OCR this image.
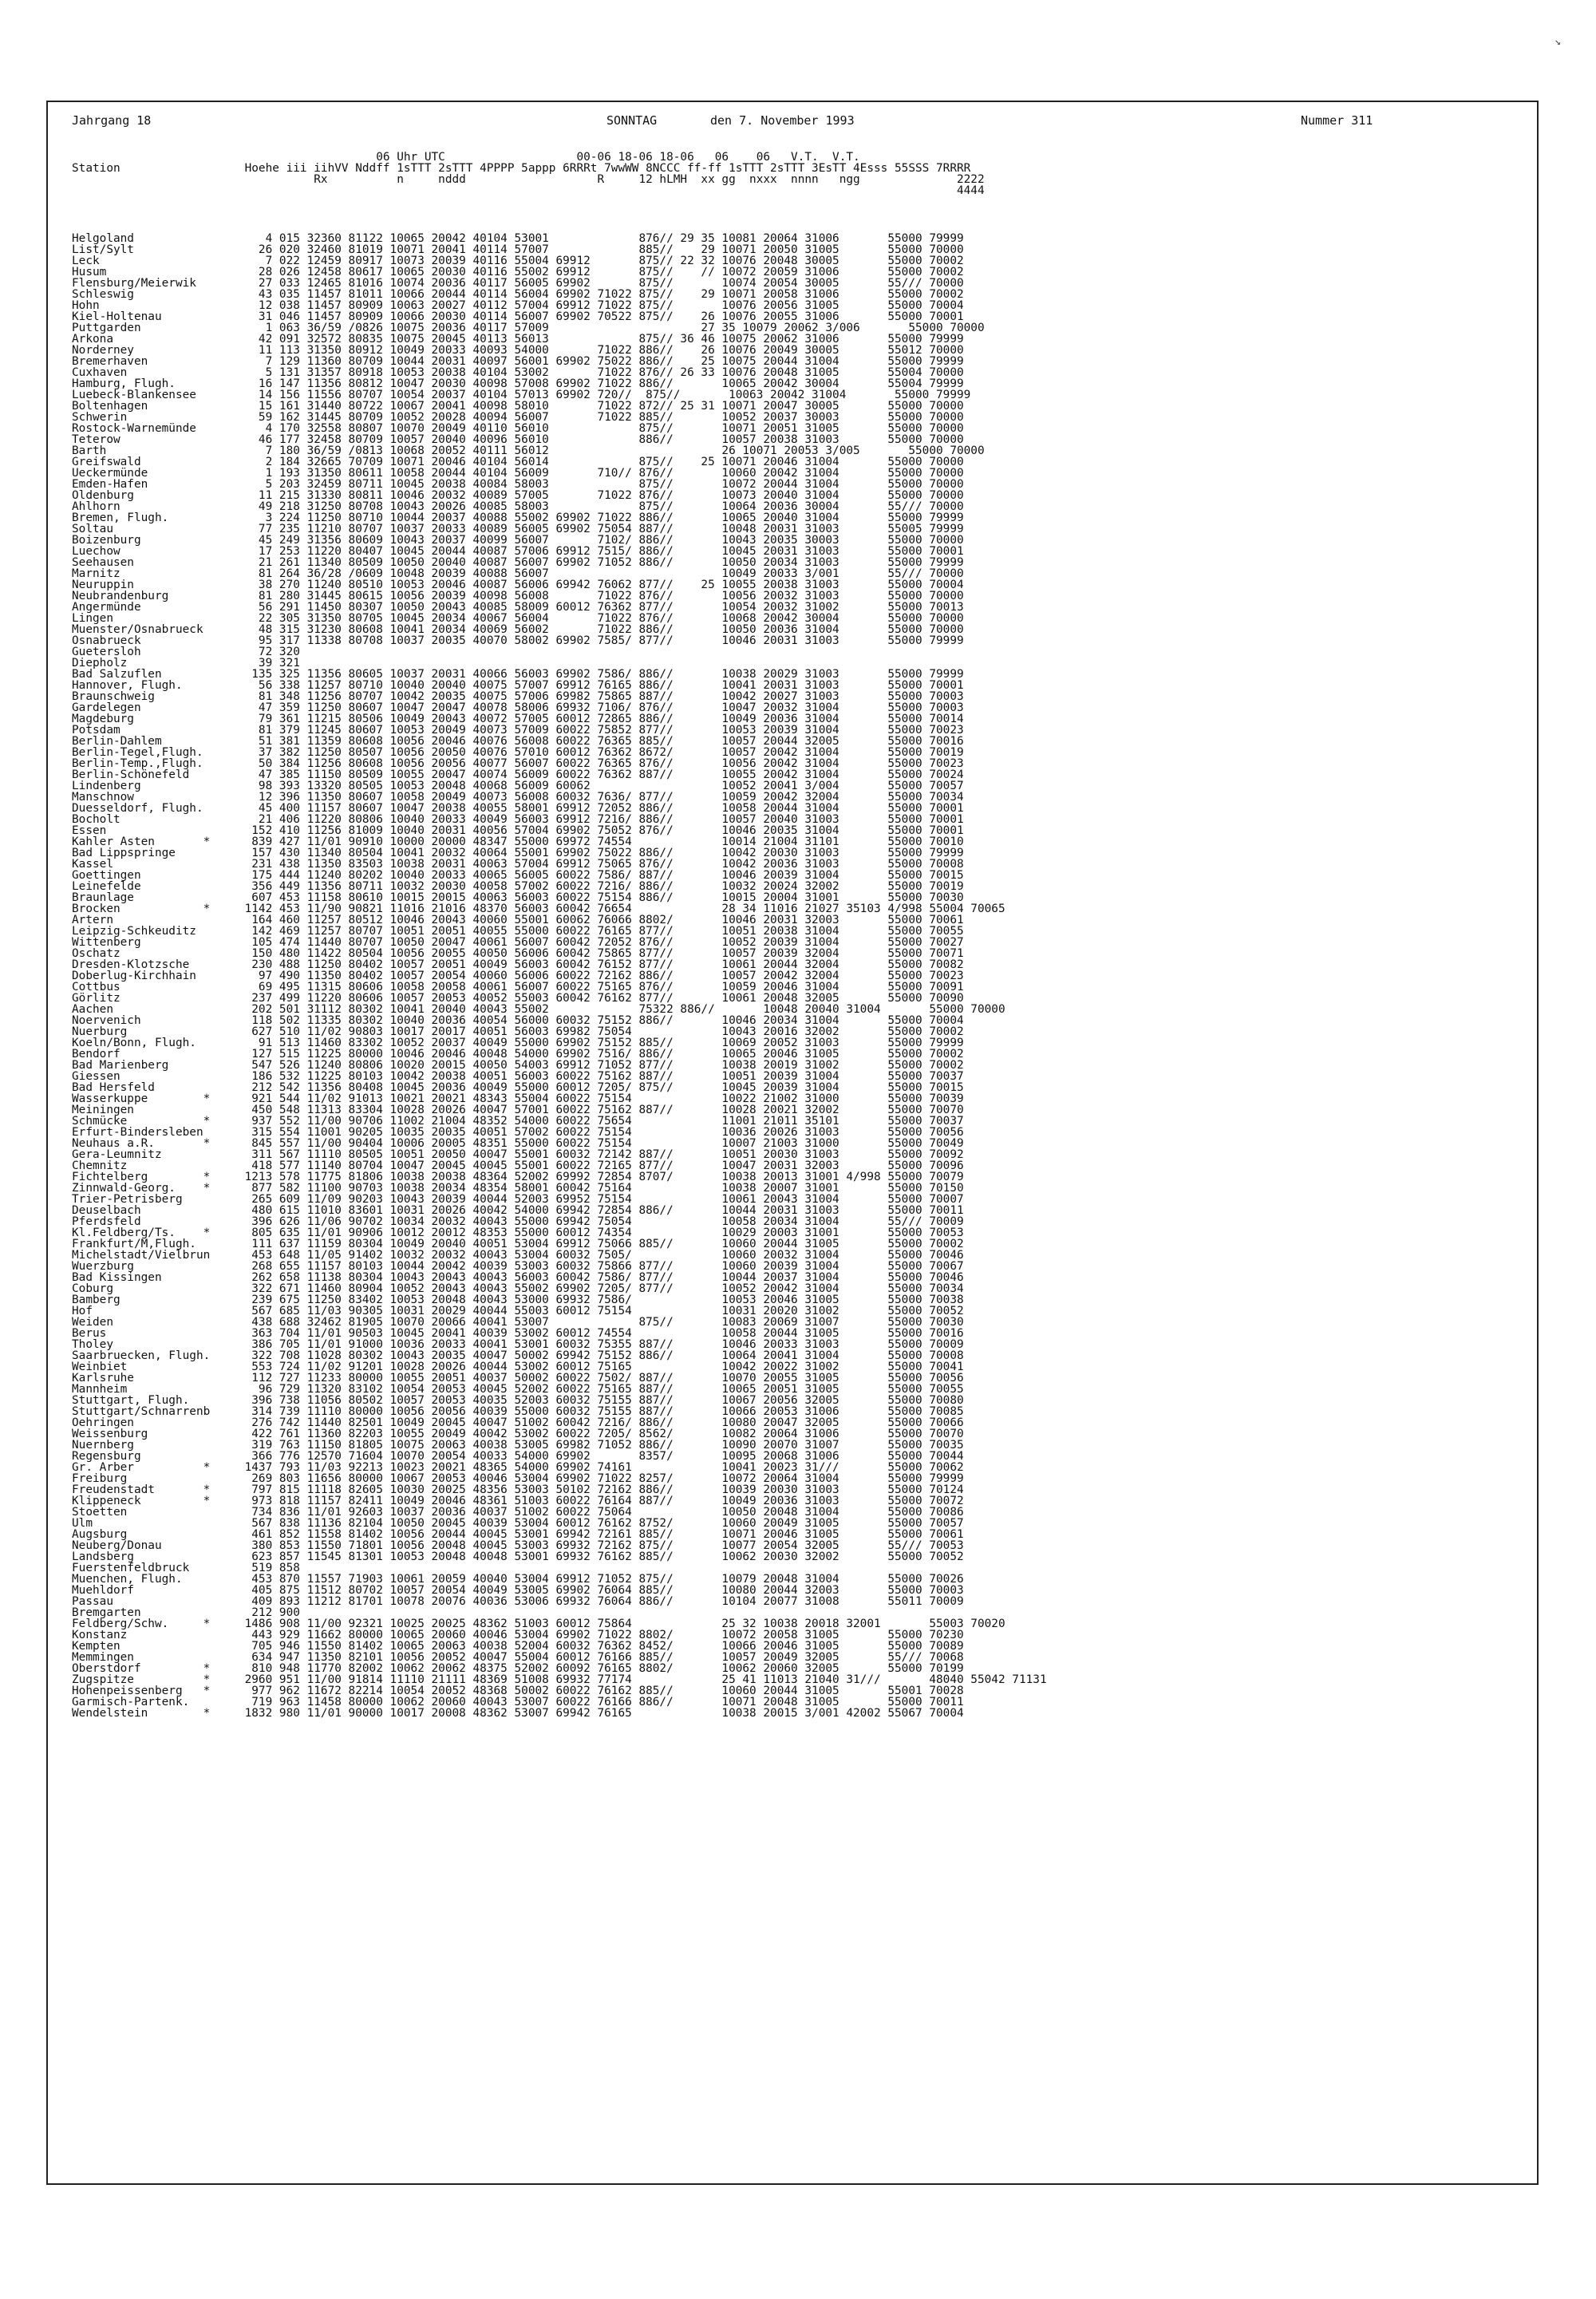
↘
Jahrgang 18	SONNTAG	den 7. November 1993	Nummer 311
06 Uhr UTC                   00-06 18-06 18-06   06    06   V.T.  V.T.
Station                  Hoehe iii iihVV Nddff 1sTTT 2sTTT 4PPPP 5appp 6RRRt 7wwWW 8NCCC ff-ff 1sTTT 2sTTT 3EsTT 4Esss 55SSS 7RRRR
Rx          n     nddd                   R     12 hLMH  xx gg  nxxx  nnnn   ngg              2222
4444
Helgoland                   4 015 32360 81122 10065 20042 40104 53001             876// 29 35 10081 20064 31006       55000 79999
List/Sylt                  26 020 32460 81019 10071 20041 40114 57007             885//    29 10071 20050 31005       55000 70000
Leck                        7 022 12459 80917 10073 20039 40116 55004 69912       875// 22 32 10076 20048 30005       55000 70002
Husum                      28 026 12458 80617 10065 20030 40116 55002 69912       875//    // 10072 20059 31006       55000 70002
Flensburg/Meierwik         27 033 12465 81016 10074 20036 40117 56005 69902       875//       10074 20054 30005       55/// 70000
Schleswig                  43 035 11457 81011 10066 20044 40114 56004 69902 71022 875//    29 10071 20058 31006       55000 70002
Hohn                       12 038 11457 80909 10063 20027 40112 57004 69912 71022 875//       10076 20056 31005       55000 70004
Kiel-Holtenau              31 046 11457 80909 10066 20030 40114 56007 69902 70522 875//    26 10076 20055 31006       55000 70001
Puttgarden                  1 063 36/59 /0826 10075 20036 40117 57009                      27 35 10079 20062 3/006       55000 70000
Arkona                     42 091 32572 80835 10075 20045 40113 56013             875// 36 46 10075 20062 31006       55000 79999
Norderney                  11 113 31350 80912 10049 20033 40093 54000       71022 886//    26 10076 20049 30005       55012 70000
Bremerhaven                 7 129 11360 80709 10044 20031 40097 56001 69902 75022 886//    25 10075 20044 31004       55000 79999
Cuxhaven                    5 131 31357 80918 10053 20038 40104 53002       71022 876// 26 33 10076 20048 31005       55004 70000
Hamburg, Flugh.            16 147 11356 80812 10047 20030 40098 57008 69902 71022 886//       10065 20042 30004       55004 79999
Luebeck-Blankensee         14 156 11556 80707 10054 20037 40104 57013 69902 720//  875//       10063 20042 31004       55000 79999
Boltenhagen                15 161 31440 80722 10067 20041 40098 58010       71022 872// 25 31 10071 20047 30005       55000 70000
Schwerin                   59 162 31445 80709 10052 20028 40094 56007       71022 885//       10052 20037 30003       55000 70000
Rostock-Warnemünde          4 170 32558 80807 10070 20049 40110 56010             875//       10071 20051 31005       55000 70000
Teterow                    46 177 32458 80709 10057 20040 40096 56010             886//       10057 20038 31003       55000 70000
Barth                       7 180 36/59 /0813 10068 20052 40111 56012                         26 10071 20053 3/005       55000 70000
Greifswald                  2 184 32665 70709 10071 20046 40104 56014             875//    25 10071 20046 31004       55000 70000
Ueckermünde                 1 193 31350 80611 10058 20044 40104 56009       710// 876//       10060 20042 31004       55000 70000
Emden-Hafen                 5 203 32459 80711 10045 20038 40084 58003             875//       10072 20044 31004       55000 70000
Oldenburg                  11 215 31330 80811 10046 20032 40089 57005       71022 876//       10073 20040 31004       55000 70000
Ahlhorn                    49 218 31250 80708 10043 20026 40085 58003             875//       10064 20036 30004       55/// 70000
Bremen, Flugh.              3 224 11250 80710 10044 20037 40088 55002 69902 71022 886//       10065 20040 31004       55000 79999
Soltau                     77 235 11210 80707 10037 20033 40089 56005 69902 75054 887//       10048 20031 31003       55005 79999
Boizenburg                 45 249 31356 80609 10043 20037 40099 56007       7102/ 886//       10043 20035 30003       55000 70000
Luechow                    17 253 11220 80407 10045 20044 40087 57006 69912 7515/ 886//       10045 20031 31003       55000 70001
Seehausen                  21 261 11340 80509 10050 20040 40087 56007 69902 71052 886//       10050 20034 31003       55000 79999
Marnitz                    81 264 36/28 /0609 10048 20039 40088 56007                         10049 20033 3/001       55/// 70000
Neuruppin                  38 270 11240 80510 10053 20046 40087 56006 69942 76062 877//    25 10055 20038 31003       55000 70004
Neubrandenburg             81 280 31445 80615 10056 20039 40098 56008       71022 876//       10056 20032 31003       55000 70000
Angermünde                 56 291 11450 80307 10050 20043 40085 58009 60012 76362 877//       10054 20032 31002       55000 70013
Lingen                     22 305 31350 80705 10045 20034 40067 56004       71022 876//       10068 20042 30004       55000 70000
Muenster/Osnabrueck        48 315 31230 80608 10041 20034 40069 56002       71022 886//       10050 20036 31004       55000 70000
Osnabrueck                 95 317 11338 80708 10037 20035 40070 58002 69902 7585/ 877//       10046 20031 31003       55000 79999
Guetersloh                 72 320
Diepholz                   39 321
Bad Salzuflen             135 325 11356 80605 10037 20031 40066 56003 69902 7586/ 886//       10038 20029 31003       55000 79999
Hannover, Flugh.           56 338 11257 80710 10040 20040 40075 57007 69912 76165 886//       10041 20031 31003       55000 70001
Braunschweig               81 348 11256 80707 10042 20035 40075 57006 69982 75865 887//       10042 20027 31003       55000 70003
Gardelegen                 47 359 11250 80607 10047 20047 40078 58006 69932 7106/ 876//       10047 20032 31004       55000 70003
Magdeburg                  79 361 11215 80506 10049 20043 40072 57005 60012 72865 886//       10049 20036 31004       55000 70014
Potsdam                    81 379 11245 80607 10053 20049 40073 57009 60022 75852 877//       10053 20039 31004       55000 70023
Berlin-Dahlem              51 381 11359 80608 10056 20046 40076 56008 60022 76365 885//       10057 20044 32005       55000 70016
Berlin-Tegel,Flugh.        37 382 11250 80507 10056 20050 40076 57010 60012 76362 8672/       10057 20042 31004       55000 70019
Berlin-Temp.,Flugh.        50 384 11256 80608 10056 20056 40077 56007 60022 76365 876//       10056 20042 31004       55000 70023
Berlin-Schönefeld          47 385 11150 80509 10055 20047 40074 56009 60022 76362 887//       10055 20042 31004       55000 70024
Lindenberg                 98 393 13320 80505 10053 20048 40068 56009 60062                   10052 20041 3/004       55000 70057
Manschnow                  12 396 11350 80607 10058 20049 40073 56008 60032 7636/ 877//       10059 20042 32004       55000 70034
Duesseldorf, Flugh.        45 400 11157 80607 10047 20038 40055 58001 69912 72052 886//       10058 20044 31004       55000 70001
Bocholt                    21 406 11220 80806 10040 20033 40049 56003 69912 7216/ 886//       10057 20040 31003       55000 70001
Essen                     152 410 11256 81009 10040 20031 40056 57004 69902 75052 876//       10046 20035 31004       55000 70001
Kahler Asten       *      839 427 11/01 90910 10000 20000 48347 55000 69972 74554             10014 21004 31101       55000 70010
Bad Lippspringe           157 430 11340 80504 10041 20032 40064 55001 69902 75022 886//       10042 20030 31003       55000 79999
Kassel                    231 438 11350 83503 10038 20031 40063 57004 69912 75065 876//       10042 20036 31003       55000 70008
Goettingen                175 444 11240 80202 10040 20033 40065 56005 60022 7586/ 887//       10046 20039 31004       55000 70015
Leinefelde                356 449 11356 80711 10032 20030 40058 57002 60022 7216/ 886//       10032 20024 32002       55000 70019
Braunlage                 607 453 11158 80610 10015 20015 40063 56003 60022 75154 886//       10015 20004 31001       55000 70030
Brocken            *     1142 453 11/90 90821 11016 21016 48370 56003 60042 76654             28 34 11016 21027 35103 4/998 55004 70065
Artern                    164 460 11257 80512 10046 20043 40060 55001 60062 76066 8802/       10046 20031 32003       55000 70061
Leipzig-Schkeuditz        142 469 11257 80707 10051 20051 40055 55000 60022 76165 877//       10051 20038 31004       55000 70055
Wittenberg                105 474 11440 80707 10050 20047 40061 56007 60042 72052 876//       10052 20039 31004       55000 70027
Oschatz                   150 480 11422 80504 10056 20055 40050 56006 60042 75865 877//       10057 20039 32004       55000 70071
Dresden-Klotzsche         230 488 11250 80402 10057 20051 40049 56003 60042 76152 877//       10061 20044 32004       55000 70082
Doberlug-Kirchhain         97 490 11350 80402 10057 20054 40060 56006 60022 72162 886//       10057 20042 32004       55000 70023
Cottbus                    69 495 11315 80606 10058 20058 40061 56007 60022 75165 876//       10059 20046 31004       55000 70091
Görlitz                   237 499 11220 80606 10057 20053 40052 55003 60042 76162 877//       10061 20048 32005       55000 70090
Aachen                    202 501 31112 80302 10041 20040 40043 55002             75322 886//       10048 20040 31004       55000 70000
Noervenich                118 502 11335 80302 10040 20036 40054 56000 60032 75152 886//       10046 20034 31004       55000 70004
Nuerburg                  627 510 11/02 90803 10017 20017 40051 56003 69982 75054             10043 20016 32002       55000 70002
Koeln/Bonn, Flugh.         91 513 11460 83302 10052 20037 40049 55000 69902 75152 885//       10069 20052 31003       55000 79999
Bendorf                   127 515 11225 80000 10046 20046 40048 54000 69902 7516/ 886//       10065 20046 31005       55000 70002
Bad Marienberg            547 526 11240 80806 10020 20015 40050 54003 69912 71052 877//       10038 20019 31002       55000 70002
Giessen                   186 532 11225 80103 10042 20038 40051 56003 60022 75162 887//       10051 20039 31004       55000 70037
Bad Hersfeld              212 542 11356 80408 10045 20036 40049 55000 60012 7205/ 875//       10045 20039 31004       55000 70015
Wasserkuppe        *      921 544 11/02 91013 10021 20021 48343 55004 60022 75154             10022 21002 31000       55000 70039
Meiningen                 450 548 11313 83304 10028 20026 40047 57001 60022 75162 887//       10028 20021 32002       55000 70070
Schmücke           *      937 552 11/00 90706 11002 21004 48352 54000 60022 75654             11001 21011 35101       55000 70037
Erfurt-Bindersleben       315 554 11001 90205 10035 20035 40051 57002 60022 75154             10036 20026 31003       55000 70056
Neuhaus a.R.       *      845 557 11/00 90404 10006 20005 48351 55000 60022 75154             10007 21003 31000       55000 70049
Gera-Leumnitz             311 567 11110 80505 10051 20050 40047 55001 60032 72142 887//       10051 20030 31003       55000 70092
Chemnitz                  418 577 11140 80704 10047 20045 40045 55001 60022 72165 877//       10047 20031 32003       55000 70096
Fichtelberg        *     1213 578 11775 81806 10038 20038 48364 52002 69992 72854 8707/       10038 20013 31001 4/998 55000 70079
Zinnwald-Georg.    *      877 582 11100 90703 10038 20034 48354 58001 60042 75164             10038 20007 31001       55000 70150
Trier-Petrisberg          265 609 11/09 90203 10043 20039 40044 52003 69952 75154             10061 20043 31004       55000 70007
Deuselbach                480 615 11010 83601 10031 20026 40042 54000 69942 72854 886//       10044 20031 31003       55000 70011
Pferdsfeld                396 626 11/06 90702 10034 20032 40043 55000 69942 75054             10058 20034 31004       55/// 70009
Kl.Feldberg/Ts.    *      805 635 11/01 90906 10012 20012 48353 55000 60012 74354             10029 20003 31001       55000 70053
Frankfurt/M,Flugh.        111 637 11159 80304 10049 20040 40051 53004 69912 75066 885//       10060 20044 31005       55000 70002
Michelstadt/Vielbrun      453 648 11/05 91402 10032 20032 40043 53004 60032 7505/             10060 20032 31004       55000 70046
Wuerzburg                 268 655 11157 80103 10044 20042 40039 53003 60032 75866 877//       10060 20039 31004       55000 70067
Bad Kissingen             262 658 11138 80304 10043 20043 40043 56003 60042 7586/ 877//       10044 20037 31004       55000 70046
Coburg                    322 671 11460 80904 10052 20043 40043 55002 69902 7205/ 877//       10052 20042 31004       55000 70034
Bamberg                   239 675 11250 83402 10053 20048 40043 53000 69932 7586/             10053 20046 31005       55000 70038
Hof                       567 685 11/03 90305 10031 20029 40044 55003 60012 75154             10031 20020 31002       55000 70052
Weiden                    438 688 32462 81905 10070 20066 40041 53007             875//       10083 20069 31007       55000 70030
Berus                     363 704 11/01 90503 10045 20041 40039 53002 60012 74554             10058 20044 31005       55000 70016
Tholey                    386 705 11/01 91000 10036 20033 40041 53001 60032 75355 887//       10046 20033 31003       55000 70009
Saarbruecken, Flugh.      322 708 11028 80302 10043 20035 40047 50002 69942 75152 886//       10064 20041 31004       55000 70008
Weinbiet                  553 724 11/02 91201 10028 20026 40044 53002 60012 75165             10042 20022 31002       55000 70041
Karlsruhe                 112 727 11233 80000 10055 20051 40037 50002 60022 7502/ 887//       10070 20055 31005       55000 70056
Mannheim                   96 729 11320 83102 10054 20053 40045 52002 60022 75165 887//       10065 20051 31005       55000 70055
Stuttgart, Flugh.         396 738 11056 80502 10057 20053 40035 52003 60032 75155 887//       10067 20056 32005       55000 70080
Stuttgart/Schnarrenb      314 739 11110 80000 10056 20056 40039 55000 60032 75155 887//       10066 20053 31006       55000 70085
Oehringen                 276 742 11440 82501 10049 20045 40047 51002 60042 7216/ 886//       10080 20047 32005       55000 70066
Weissenburg               422 761 11360 82203 10055 20049 40042 53002 60022 7205/ 8562/       10082 20064 31006       55000 70070
Nuernberg                 319 763 11150 81805 10075 20063 40038 53005 69982 71052 886//       10090 20070 31007       55000 70035
Regensburg                366 776 12570 71604 10070 20054 40033 54000 69902       8357/       10095 20068 31006       55000 70044
Gr. Arber          *     1437 793 11/03 92213 10023 20021 48365 54000 69902 74161             10041 20023 31///       55000 70062
Freiburg                  269 803 11656 80000 10067 20053 40046 53004 69902 71022 8257/       10072 20064 31004       55000 79999
Freudenstadt       *      797 815 11118 82605 10030 20025 48356 53003 50102 72162 886//       10039 20030 31003       55000 70124
Klippeneck         *      973 818 11157 82411 10049 20046 48361 51003 60022 76164 887//       10049 20036 31003       55000 70072
Stoetten                  734 836 11/01 92603 10037 20036 40037 51002 60022 75064             10050 20048 31004       55000 70086
Ulm                       567 838 11136 82104 10050 20045 40039 53004 60012 76162 8752/       10060 20049 31005       55000 70057
Augsburg                  461 852 11558 81402 10056 20044 40045 53001 69942 72161 885//       10071 20046 31005       55000 70061
Neuberg/Donau             380 853 11550 71801 10056 20048 40045 53003 69932 72162 875//       10077 20054 32005       55/// 70053
Landsberg                 623 857 11545 81301 10053 20048 40048 53001 69932 76162 885//       10062 20030 32002       55000 70052
Fuerstenfeldbruck         519 858
Muenchen, Flugh.          453 870 11557 71903 10061 20059 40040 53004 69912 71052 875//       10079 20048 31004       55000 70026
Muehldorf                 405 875 11512 80702 10057 20054 40049 53005 69902 76064 885//       10080 20044 32003       55000 70003
Passau                    409 893 11212 81701 10078 20076 40036 53006 69932 76064 886//       10104 20077 31008       55011 70009
Bremgarten                212 900
Feldberg/Schw.     *     1486 908 11/00 92321 10025 20025 48362 51003 60012 75864             25 32 10038 20018 32001       55003 70020
Konstanz                  443 929 11662 80000 10065 20060 40046 53004 69902 71022 8802/       10072 20058 31005       55000 70230
Kempten                   705 946 11550 81402 10065 20063 40038 52004 60032 76362 8452/       10066 20046 31005       55000 70089
Memmingen                 634 947 11350 82101 10056 20052 40047 55004 60012 76166 885//       10057 20049 32005       55/// 70068
Oberstdorf         *      810 948 11770 82002 10062 20062 48375 52002 60092 76165 8802/       10062 20060 32005       55000 70199
Zugspitze          *     2960 951 11/00 91814 11110 21111 48369 51008 69932 77174             25 41 11013 21040 31///       48040 55042 71131
Hohenpeissenberg   *      977 962 11672 82214 10054 20052 48368 50002 60022 76162 885//       10060 20044 31005       55001 70028
Garmisch-Partenk.         719 963 11458 80000 10062 20060 40043 53007 60022 76166 886//       10071 20048 31005       55000 70011
Wendelstein        *     1832 980 11/01 90000 10017 20008 48362 53007 69942 76165             10038 20015 3/001 42002 55067 70004
